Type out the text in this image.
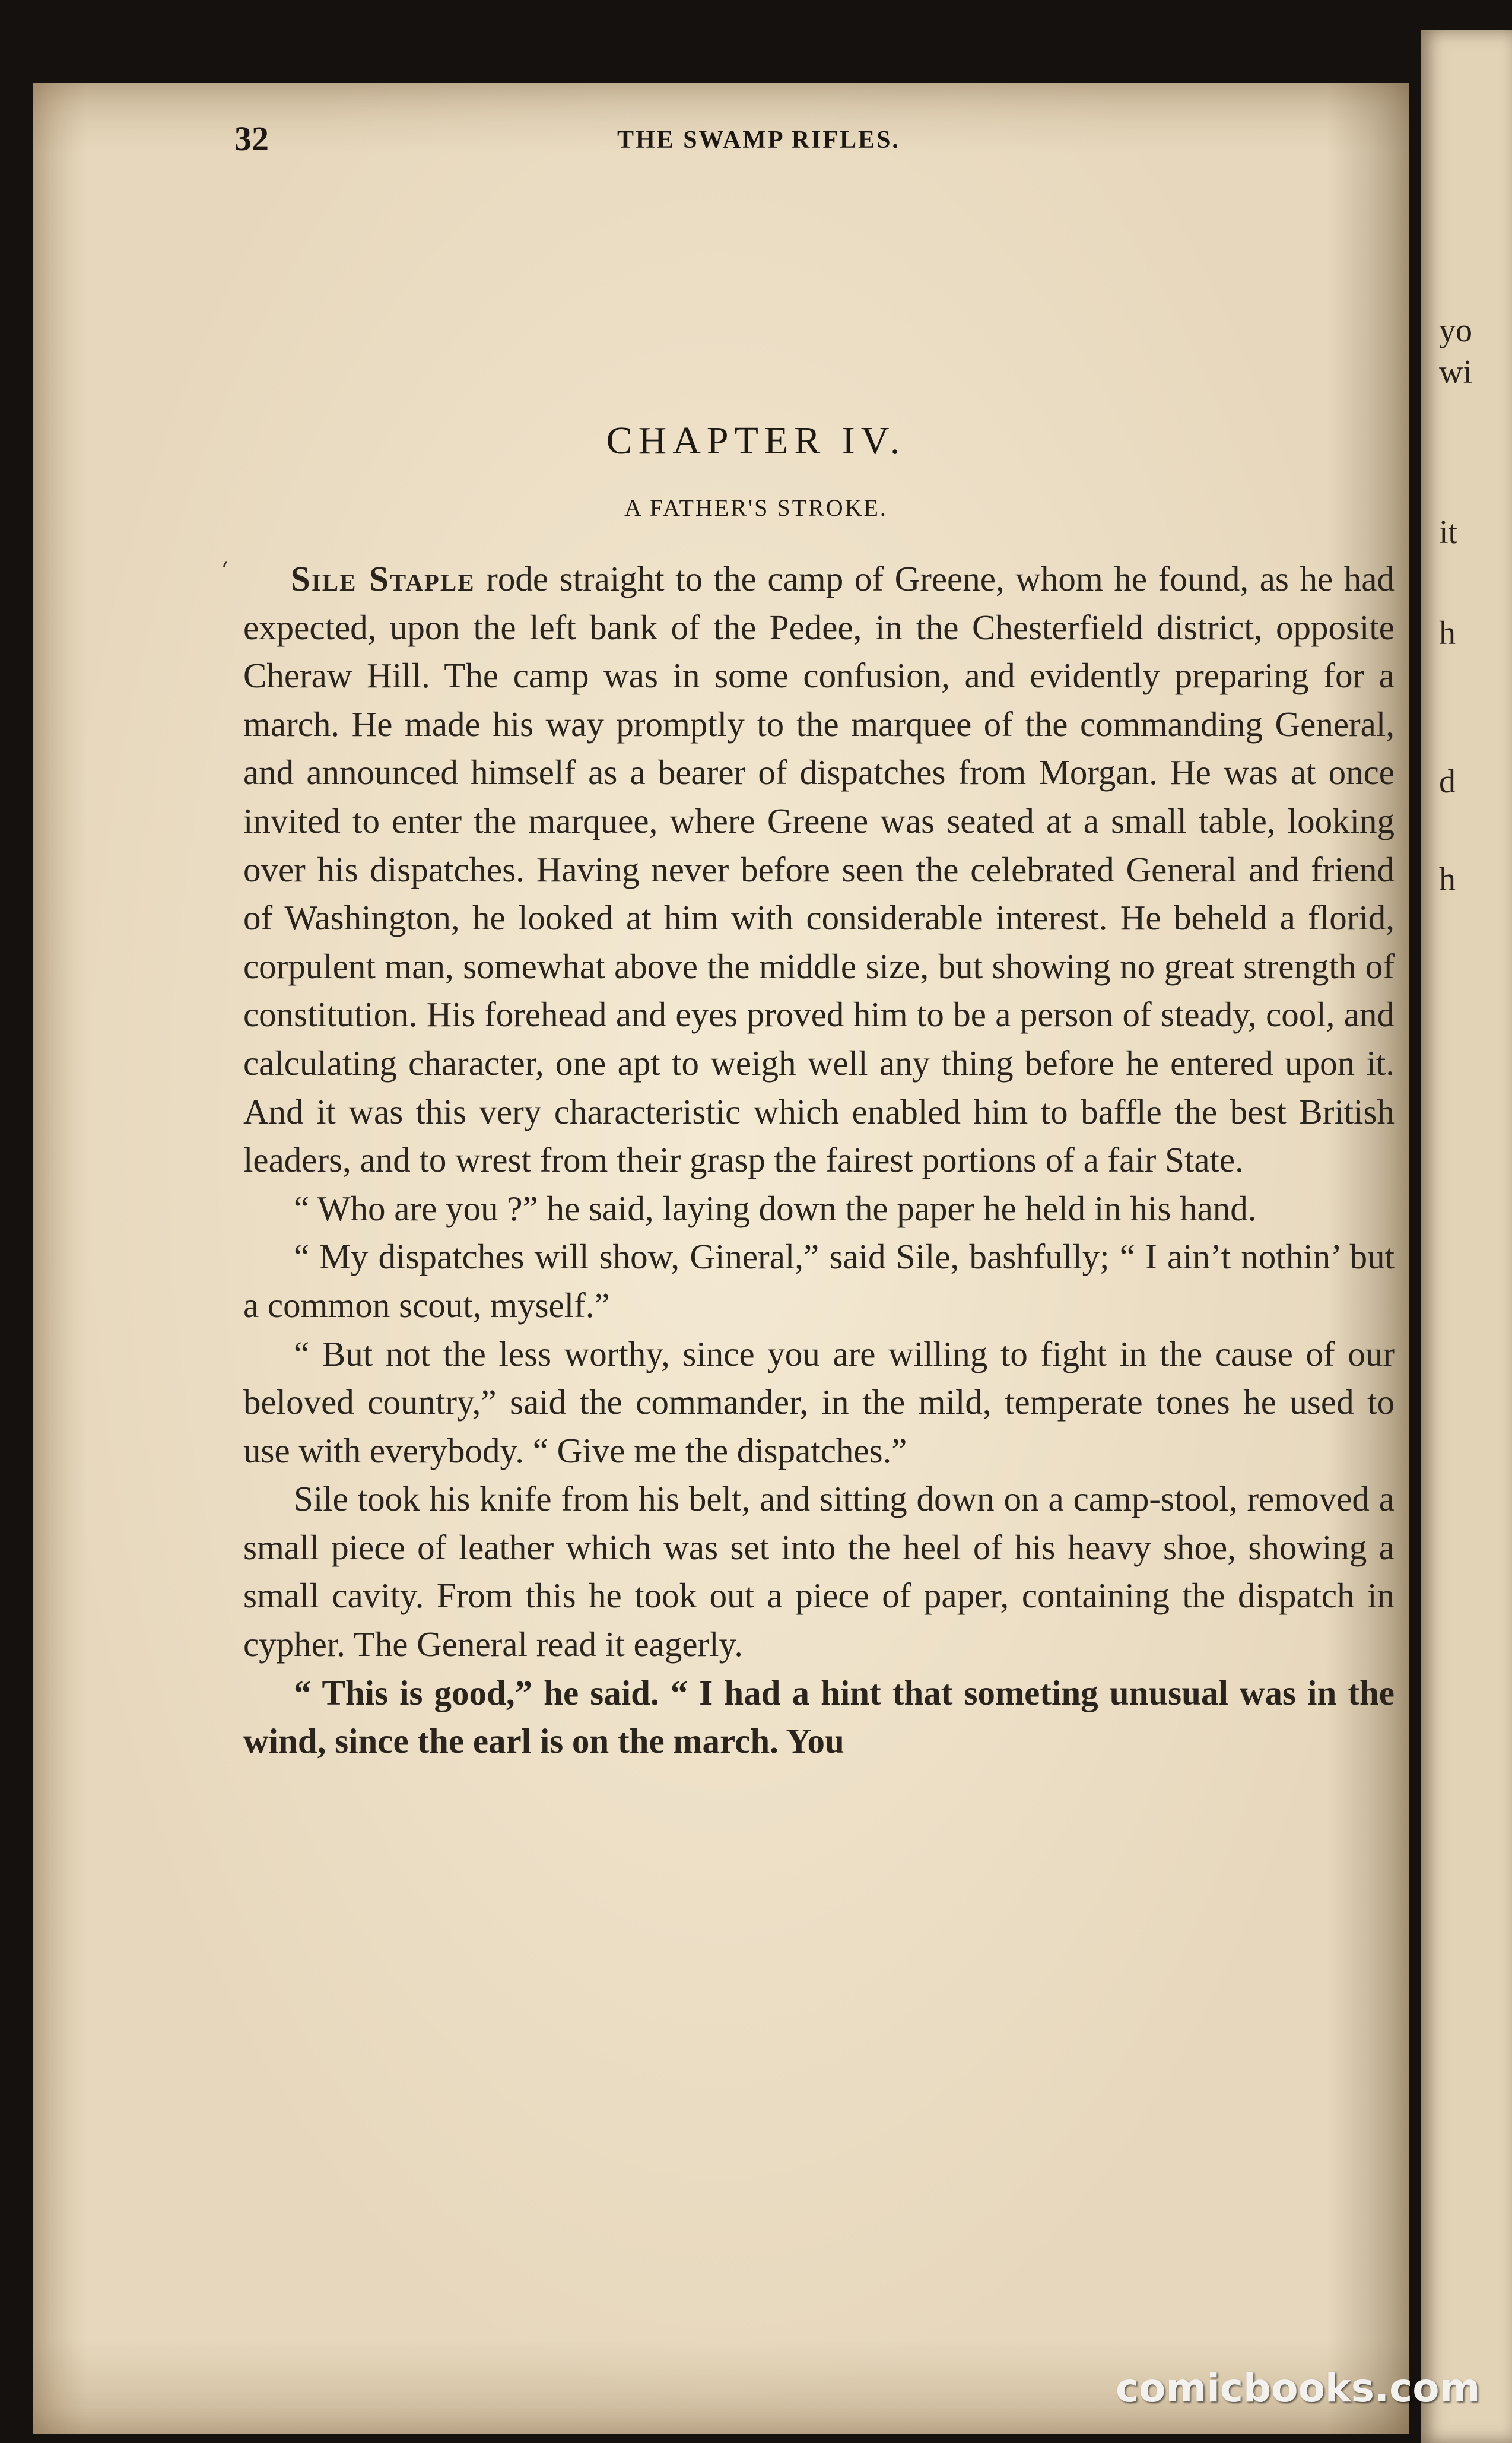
yo
wi
it
h
d
h
32	THE SWAMP RIFLES.
CHAPTER IV.
A FATHER'S STROKE.
ʻ	Sile Staple rode straight to the camp of Greene, whom he found, as he had expected, upon the left bank of the Pedee, in the Chesterfield district, opposite Cheraw Hill. The camp was in some confusion, and evidently preparing for a march. He made his way promptly to the marquee of the commanding General, and announced himself as a bearer of dispatches from Morgan. He was at once invited to enter the marquee, where Greene was seated at a small table, looking over his dispatches. Having never before seen the celebrated General and friend of Washington, he looked at him with considerable interest. He beheld a florid, corpulent man, somewhat above the middle size, but showing no great strength of constitution. His forehead and eyes proved him to be a person of steady, cool, and calculating character, one apt to weigh well any thing before he entered upon it. And it was this very characteristic which enabled him to baffle the best British leaders, and to wrest from their grasp the fairest portions of a fair State.

“ Who are you ?” he said, laying down the paper he held in his hand.

“ My dispatches will show, Gineral,” said Sile, bashfully; “ I ain’t nothin’ but a common scout, myself.”

“ But not the less worthy, since you are willing to fight in the cause of our beloved country,” said the commander, in the mild, temperate tones he used to use with everybody. “ Give me the dispatches.”

Sile took his knife from his belt, and sitting down on a camp-stool, removed a small piece of leather which was set into the heel of his heavy shoe, showing a small cavity. From this he took out a piece of paper, containing the dispatch in cypher. The General read it eagerly.

“ This is good,” he said. “ I had a hint that someting unusual was in the wind, since the earl is on the march. You

comicbooks.com
